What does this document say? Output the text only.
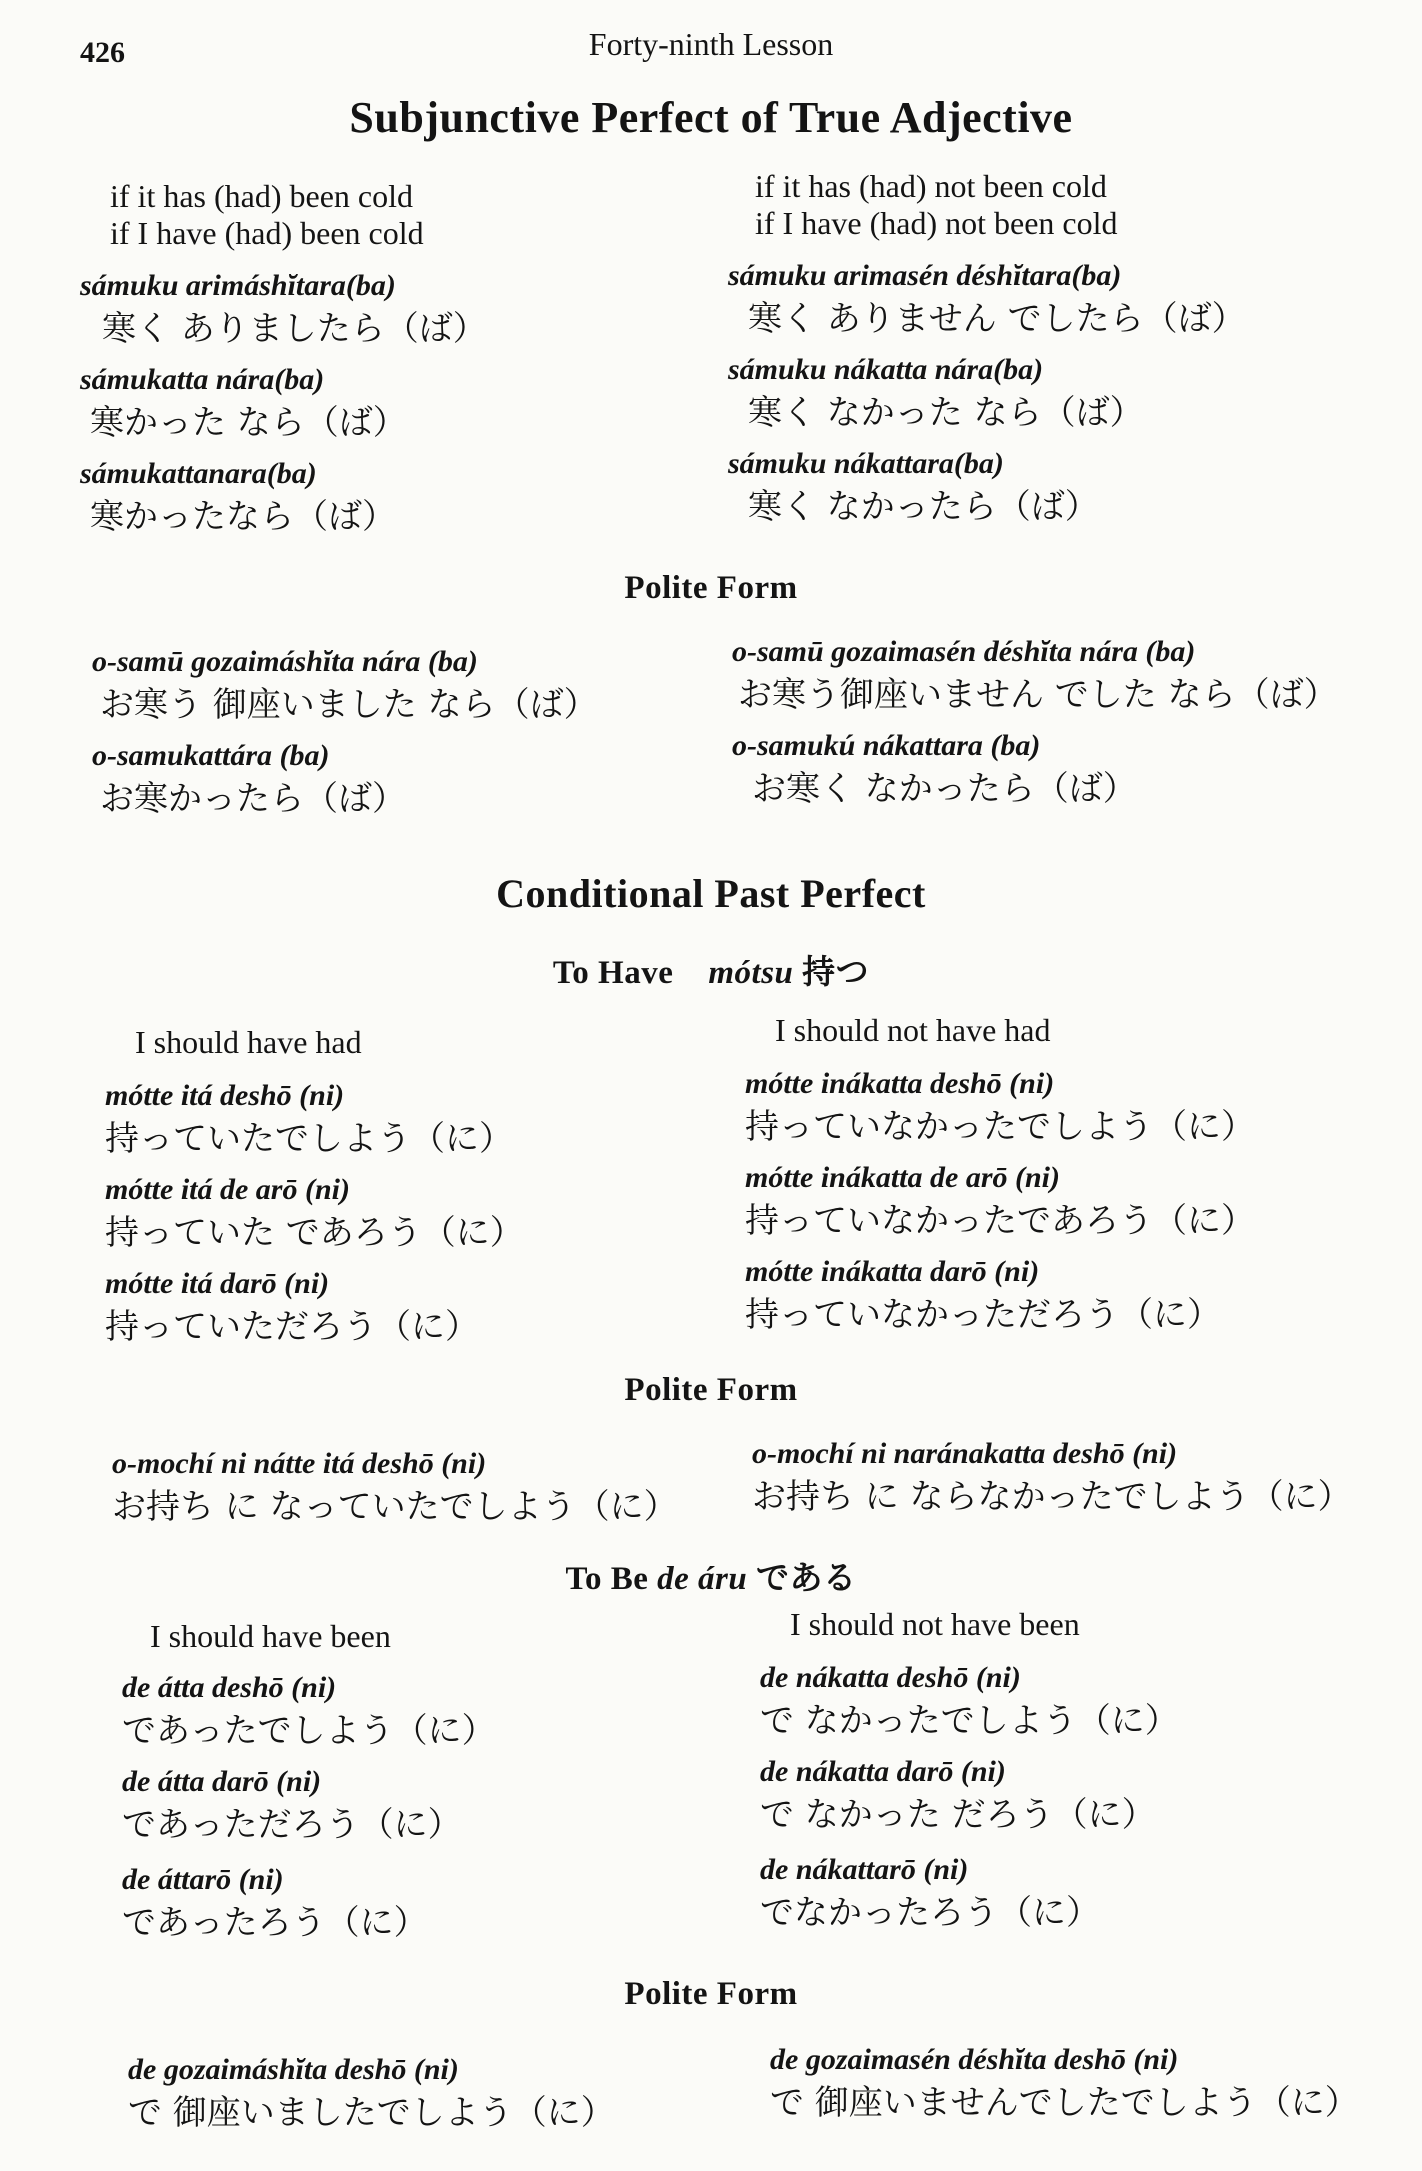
426	Forty-ninth Lesson
Subjunctive Perfect of True Adjective
if it has (had) been cold
if I have (had) been cold
sámuku arimáshĭtara(ba)
寒く ありましたら（ば）
sámukatta nára(ba)
寒かった なら（ば）
sámukattanara(ba)
寒かったなら（ば）
if it has (had) not been cold
if I have (had) not been cold
sámuku arimasén déshĭtara(ba)
寒く ありません でしたら（ば）
sámuku nákatta nára(ba)
寒く なかった なら（ば）
sámuku nákattara(ba)
寒く なかったら（ば）
Polite Form
o-samū gozaimáshĭta nára (ba)
お寒う 御座いました なら（ば）
o-samukattára (ba)
お寒かったら（ば）
o-samū gozaimasén déshĭta nára (ba)
お寒う御座いません でした なら（ば）
o-samukú nákattara (ba)
お寒く なかったら（ば）
Conditional Past Perfect
To Have mótsu 持つ
I should have had
mótte itá deshō (ni)
持っていたでしよう（に）
mótte itá de arō (ni)
持っていた であろう（に）
mótte itá darō (ni)
持っていただろう（に）
I should not have had
mótte inákatta deshō (ni)
持っていなかったでしよう（に）
mótte inákatta de arō (ni)
持っていなかったであろう（に）
mótte inákatta darō (ni)
持っていなかっただろう（に）
Polite Form
o-mochí ni nátte itá deshō (ni)
お持ち に なっていたでしよう（に）
o-mochí ni naránakatta deshō (ni)
お持ち に ならなかったでしよう（に）
To Be de áru である
I should have been
de átta deshō (ni)
であったでしよう（に）
de átta darō (ni)
であっただろう（に）
de áttarō (ni)
であったろう（に）
I should not have been
de nákatta deshō (ni)
で なかったでしよう（に）
de nákatta darō (ni)
で なかった だろう（に）
de nákattarō (ni)
でなかったろう（に）
Polite Form
de gozaimáshĭta deshō (ni)
で 御座いましたでしよう（に）
de gozaimasén déshĭta deshō (ni)
で 御座いませんでしたでしよう（に）
